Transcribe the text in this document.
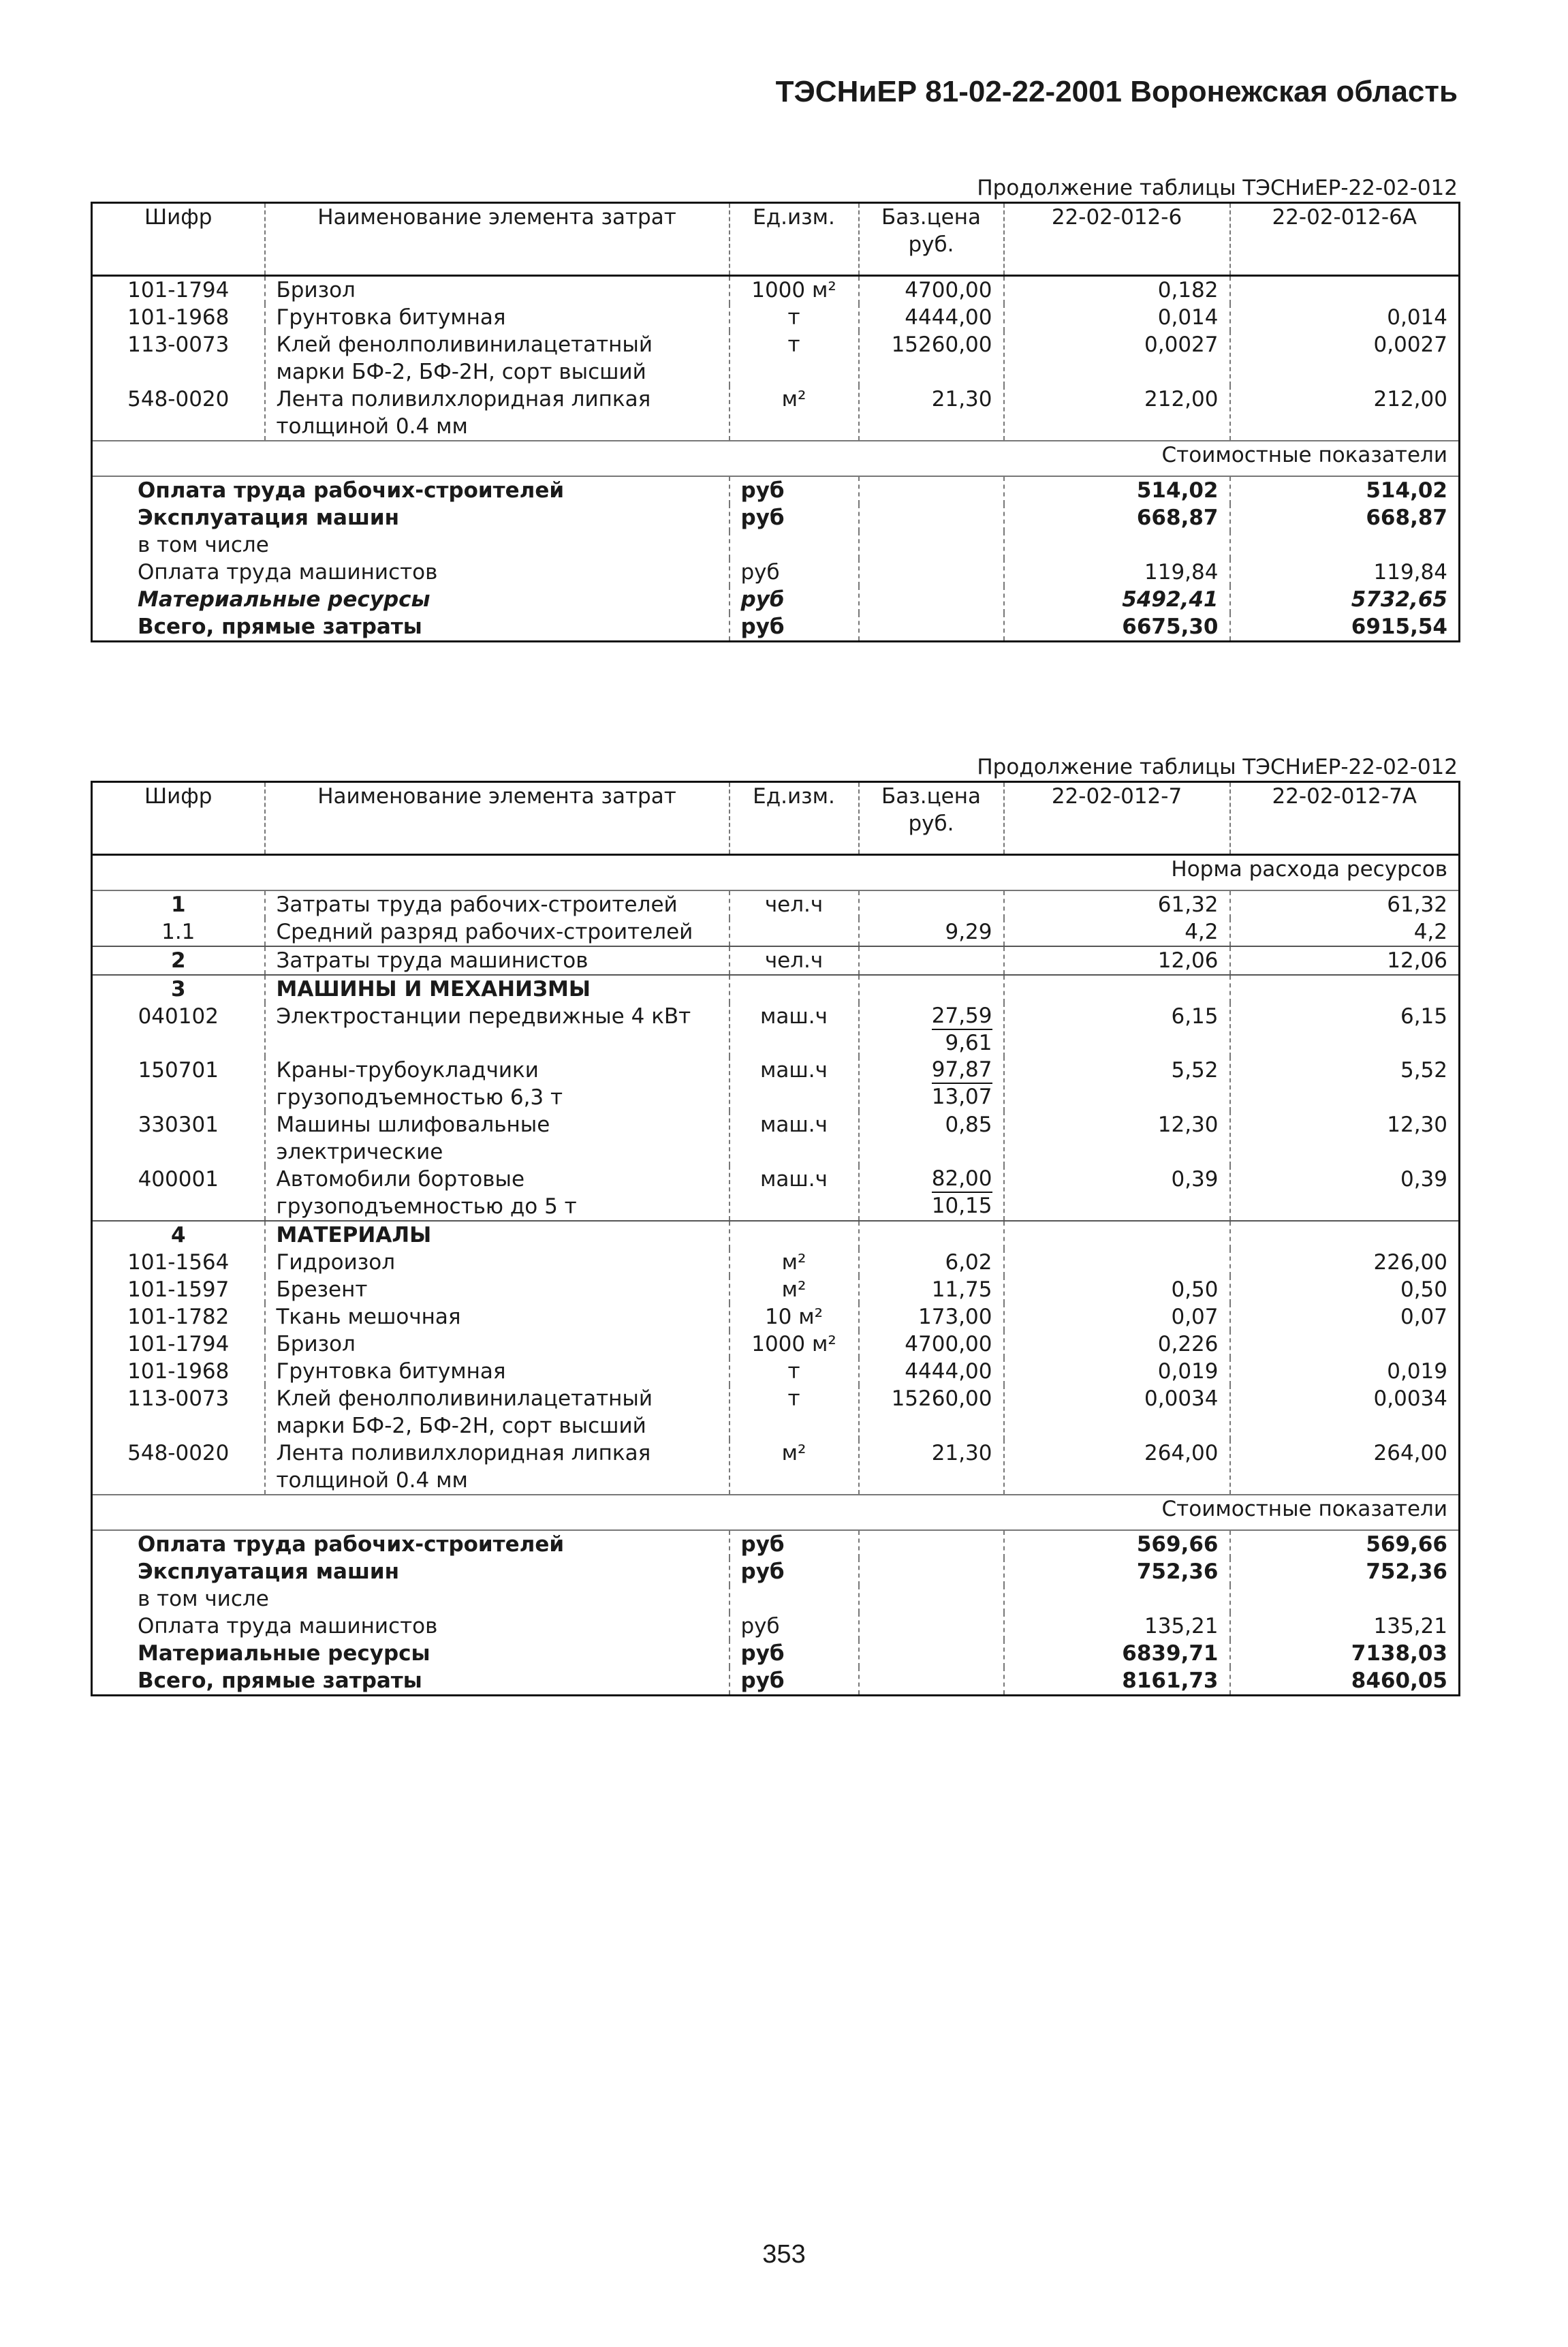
ТЭСНиЕР 81-02-22-2001 Воронежская область
Продолжение таблицы ТЭСНиЕР-22-02-012
Шифр	Наименование элемента затрат	Ед.изм.	Баз.цена руб.	22-02-012-6	22-02-012-6А
101-1794	Бризол	1000 м²	4700,00	0,182	
101-1968	Грунтовка битумная	т	4444,00	0,014	0,014
113-0073	Клей фенолполивинилацетатный марки БФ-2, БФ-2Н, сорт высший	т	15260,00	0,0027	0,0027
548-0020	Лента поливилхлоридная липкая толщиной 0.4 мм	м²	21,30	212,00	212,00
Стоимостные показатели					
Оплата труда рабочих-строителей		руб		514,02	514,02
Эксплуатация машин		руб		668,87	668,87
в том числе					
Оплата труда машинистов		руб		119,84	119,84
Материальные ресурсы		руб		5492,41	5732,65
Всего, прямые затраты		руб		6675,30	6915,54
Продолжение таблицы ТЭСНиЕР-22-02-012
Шифр	Наименование элемента затрат	Ед.изм.	Баз.цена руб.	22-02-012-7	22-02-012-7А
Норма расхода ресурсов					
1	Затраты труда рабочих-строителей	чел.ч		61,32	61,32
1.1	Средний разряд рабочих-строителей		9,29	4,2	4,2
2	Затраты труда машинистов	чел.ч		12,06	12,06
3	МАШИНЫ И МЕХАНИЗМЫ				
040102	Электростанции передвижные 4 кВт	маш.ч	$\frac{27,59}{9,61}$	6,15	6,15
150701	Краны-трубоукладчики грузоподъемностью 6,3 т	маш.ч	$\frac{97,87}{13,07}$	5,52	5,52
330301	Машины шлифовальные электрические	маш.ч	0,85	12,30	12,30
400001	Автомобили бортовые грузоподъемностью до 5 т	маш.ч	$\frac{82,00}{10,15}$	0,39	0,39
4	МАТЕРИАЛЫ				
101-1564	Гидроизол	м²	6,02		226,00
101-1597	Брезент	м²	11,75	0,50	0,50
101-1782	Ткань мешочная	10 м²	173,00	0,07	0,07
101-1794	Бризол	1000 м²	4700,00	0,226	
101-1968	Грунтовка битумная	т	4444,00	0,019	0,019
113-0073	Клей фенолполивинилацетатный марки БФ-2, БФ-2Н, сорт высший	т	15260,00	0,0034	0,0034
548-0020	Лента поливилхлоридная липкая толщиной 0.4 мм	м²	21,30	264,00	264,00
Стоимостные показатели					
Оплата труда рабочих-строителей		руб		569,66	569,66
Эксплуатация машин		руб		752,36	752,36
в том числе					
Оплата труда машинистов		руб		135,21	135,21
Материальные ресурсы		руб		6839,71	7138,03
Всего, прямые затраты		руб		8161,73	8460,05
353
